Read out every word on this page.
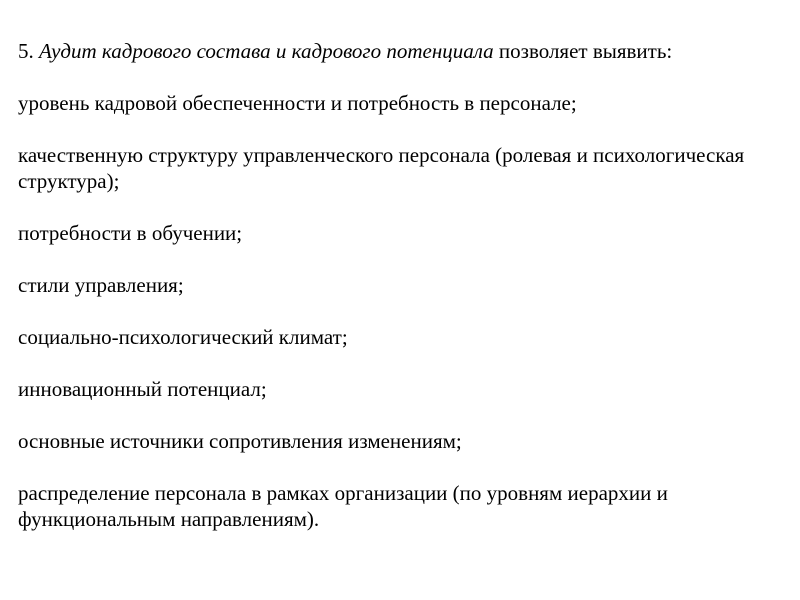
5. Аудит кадрового состава и кадрового потенциала позволяет выявить:

уровень кадровой обеспеченности и потребность в персонале;

качественную структуру управленческого персонала (ролевая и психологическая структура);

потребности в обучении;

стили управления;

социально-психологический климат;

инновационный потенциал;

основные источники сопротивления изменениям;

распределение персонала в рамках организации (по уровням иерархии и функциональным направлениям).
